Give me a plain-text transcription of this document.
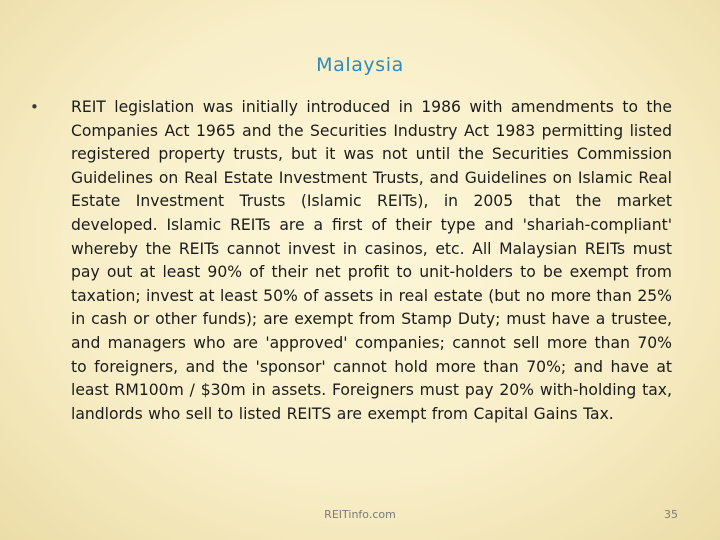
Malaysia
• REIT legislation was initially introduced in 1986 with amendments to the Companies Act 1965 and the Securities Industry Act 1983 permitting listed registered property trusts, but it was not until the Securities Commission Guidelines on Real Estate Investment Trusts, and Guidelines on Islamic Real Estate Investment Trusts (Islamic REITs), in 2005 that the market developed. Islamic REITs are a first of their type and 'shariah-compliant' whereby the REITs cannot invest in casinos, etc. All Malaysian REITs must pay out at least 90% of their net profit to unit-holders to be exempt from taxation; invest at least 50% of assets in real estate (but no more than 25% in cash or other funds); are exempt from Stamp Duty; must have a trustee, and managers who are 'approved' companies; cannot sell more than 70% to foreigners, and the 'sponsor' cannot hold more than 70%; and have at least RM100m / $30m in assets. Foreigners must pay 20% with-holding tax, landlords who sell to listed REITS are exempt from Capital Gains Tax.

REITinfo.com	35
